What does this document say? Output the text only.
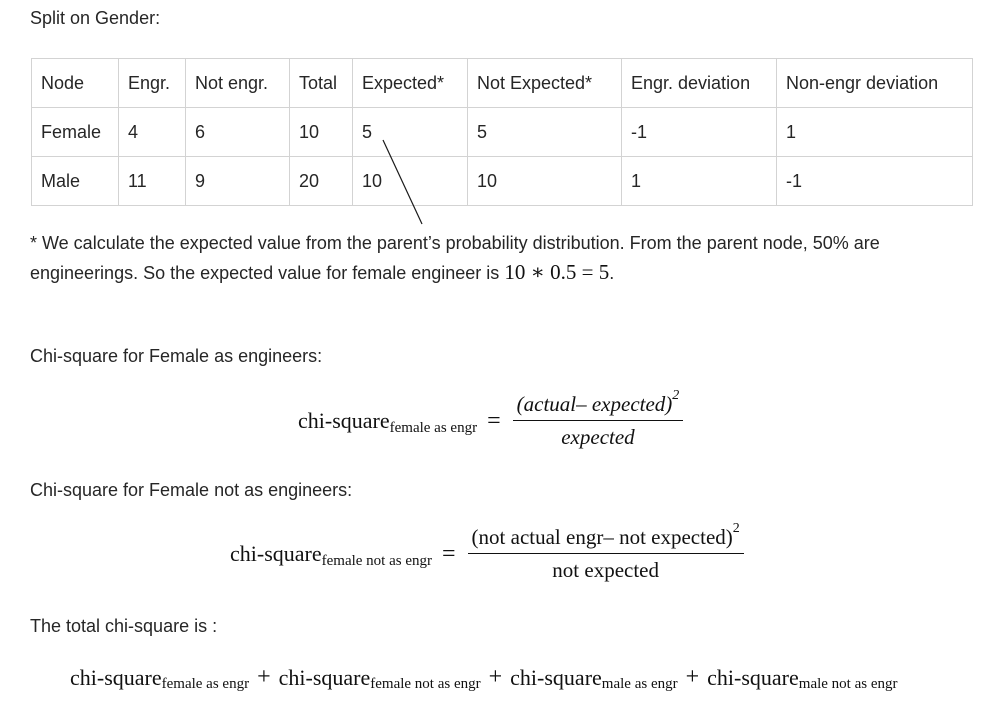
Split on Gender:
Node	Engr.	Not engr.	Total	Expected*	Not Expected*	Engr. deviation	Non-engr deviation
Female	4	6	10	5	5	-1	1
Male	11	9	20	10	10	1	-1
* We calculate the expected value from the parent’s probability distribution. From the parent node, 50% are engineerings. So the expected value for female engineer is 10 ∗ 0.5 = 5.
Chi-square for Female as engineers:
chi-square female as engr = $\frac{(actual- expected)^2}{\text{expected}}$
Chi-square for Female not as engineers:
chi-square female not as engr = $\frac{(not actual engr- not expected)^2}{\text{not expected}}$
The total chi-square is :
chi-square female as engr + chi-square female not as engr + chi-square male as engr + chi-square male not as engr
